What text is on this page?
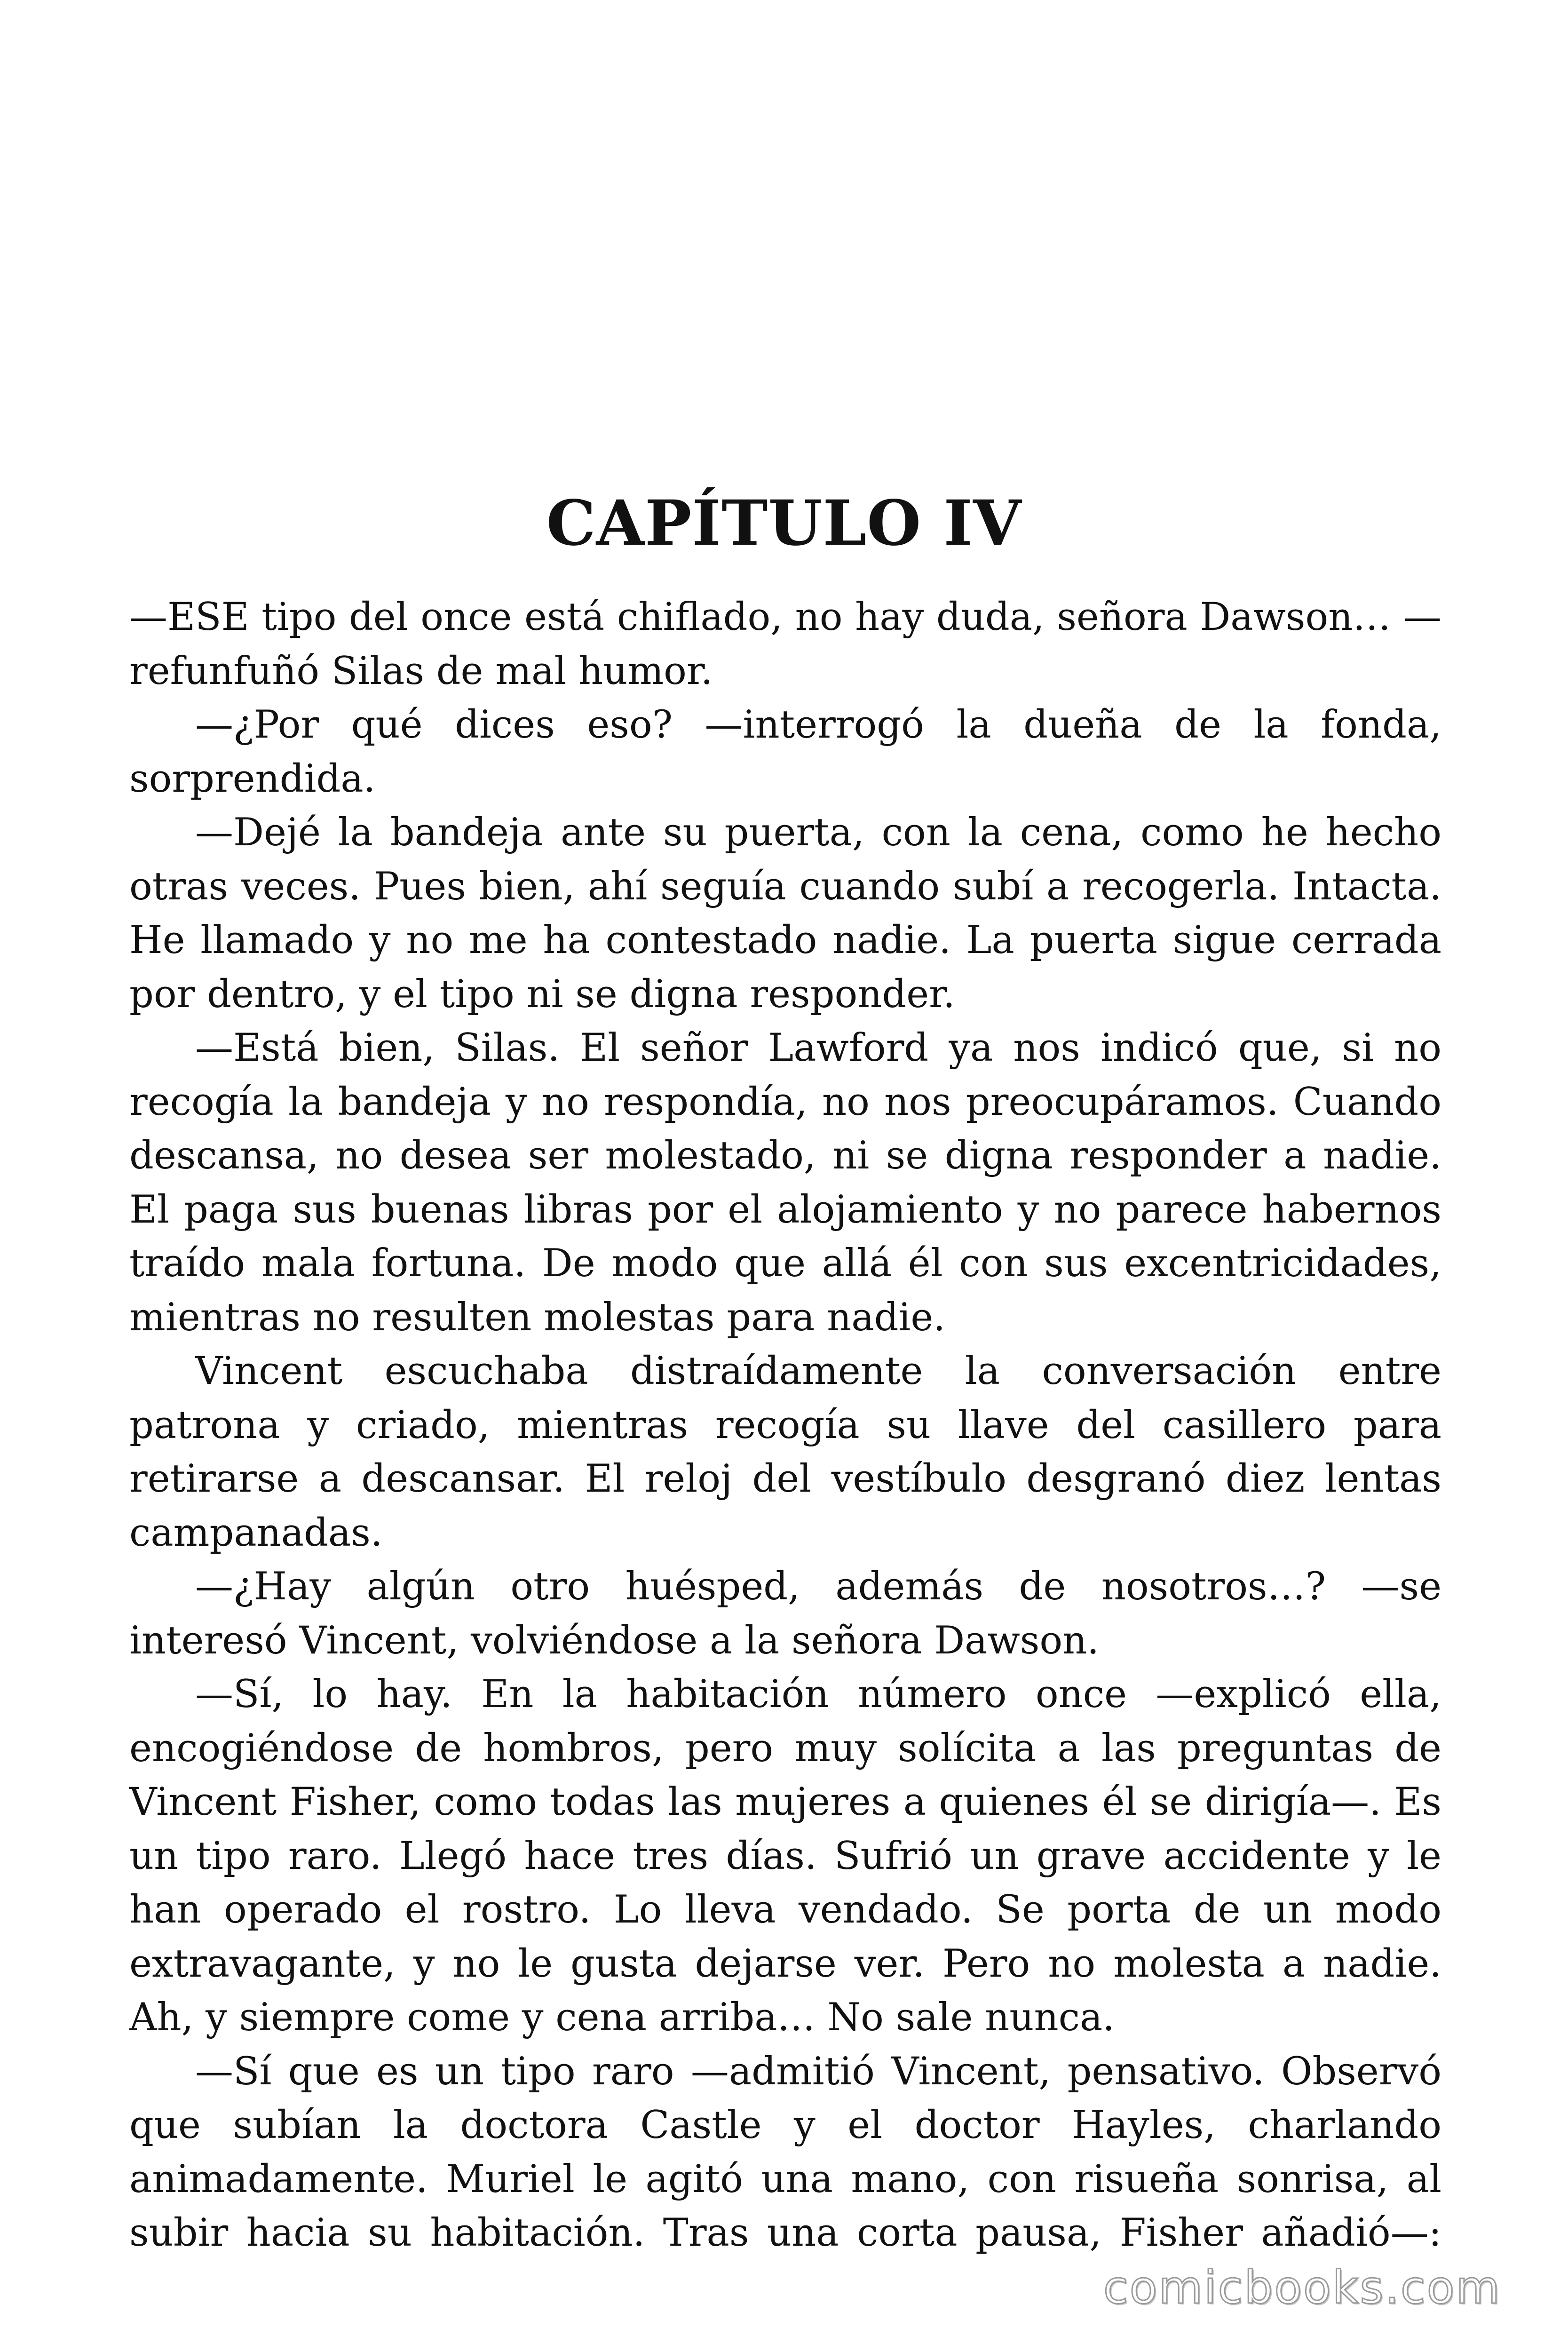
CAPÍTULO IV

—ESE tipo del once está chiflado, no hay duda, señora Dawson… — refunfuñó Silas de mal humor.

—¿Por qué dices eso? —interrogó la dueña de la fonda, sorprendida.

—Dejé la bandeja ante su puerta, con la cena, como he hecho otras veces. Pues bien, ahí seguía cuando subí a recogerla. Intacta. He llamado y no me ha contestado nadie. La puerta sigue cerrada por dentro, y el tipo ni se digna responder.

—Está bien, Silas. El señor Lawford ya nos indicó que, si no recogía la bandeja y no respondía, no nos preocupáramos. Cuando descansa, no desea ser molestado, ni se digna responder a nadie. El paga sus buenas libras por el alojamiento y no parece habernos traído mala fortuna. De modo que allá él con sus excentricidades, mientras no resulten molestas para nadie.

Vincent escuchaba distraídamente la conversación entre patrona y criado, mientras recogía su llave del casillero para retirarse a descansar. El reloj del vestíbulo desgranó diez lentas campanadas.

—¿Hay algún otro huésped, además de nosotros…? —se interesó Vincent, volviéndose a la señora Dawson.

—Sí, lo hay. En la habitación número once —explicó ella, encogiéndose de hombros, pero muy solícita a las preguntas de Vincent Fisher, como todas las mujeres a quienes él se dirigía—. Es un tipo raro. Llegó hace tres días. Sufrió un grave accidente y le han operado el rostro. Lo lleva vendado. Se porta de un modo extravagante, y no le gusta dejarse ver. Pero no molesta a nadie. Ah, y siempre come y cena arriba… No sale nunca.

—Sí que es un tipo raro —admitió Vincent, pensativo. Observó que subían la doctora Castle y el doctor Hayles, charlando animadamente. Muriel le agitó una mano, con risueña sonrisa, al subir hacia su habitación. Tras una corta pausa, Fisher añadió—:

comicbooks.com
